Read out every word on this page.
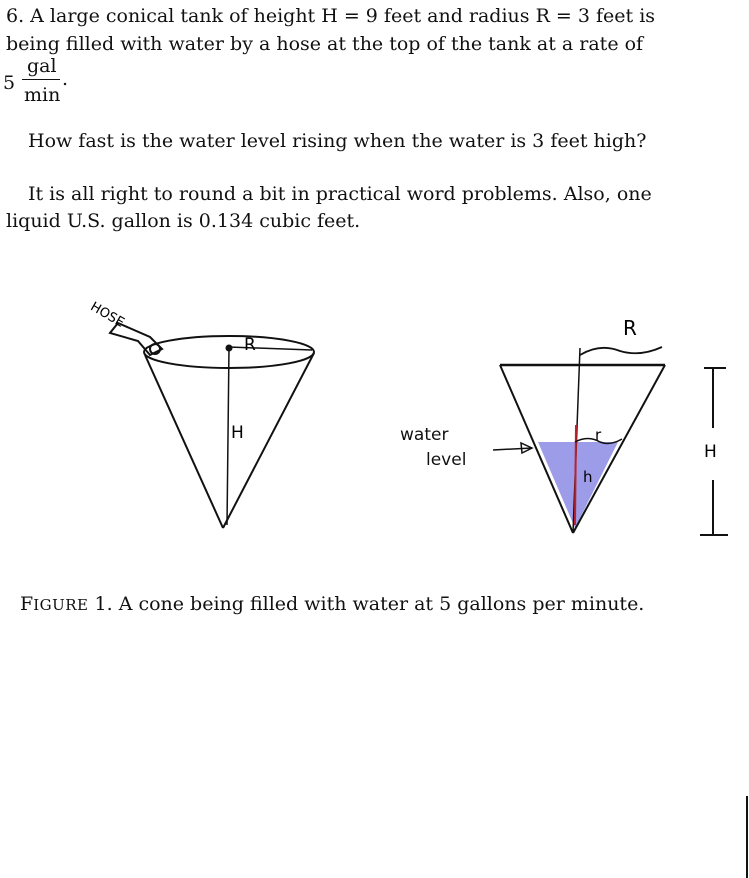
6. A large conical tank of height H = 9 feet and radius R = 3 feet is
being filled with water by a hose at the top of the tank at a rate of
5
gal
min
.
How fast is the water level rising when the water is 3 feet high?
It is all right to round a bit in practical word problems. Also, one
liquid U.S. gallon is 0.134 cubic feet.
HOSE
R
H
R
r
h
water
level	H
FIGURE 1. A cone being filled with water at 5 gallons per minute.
